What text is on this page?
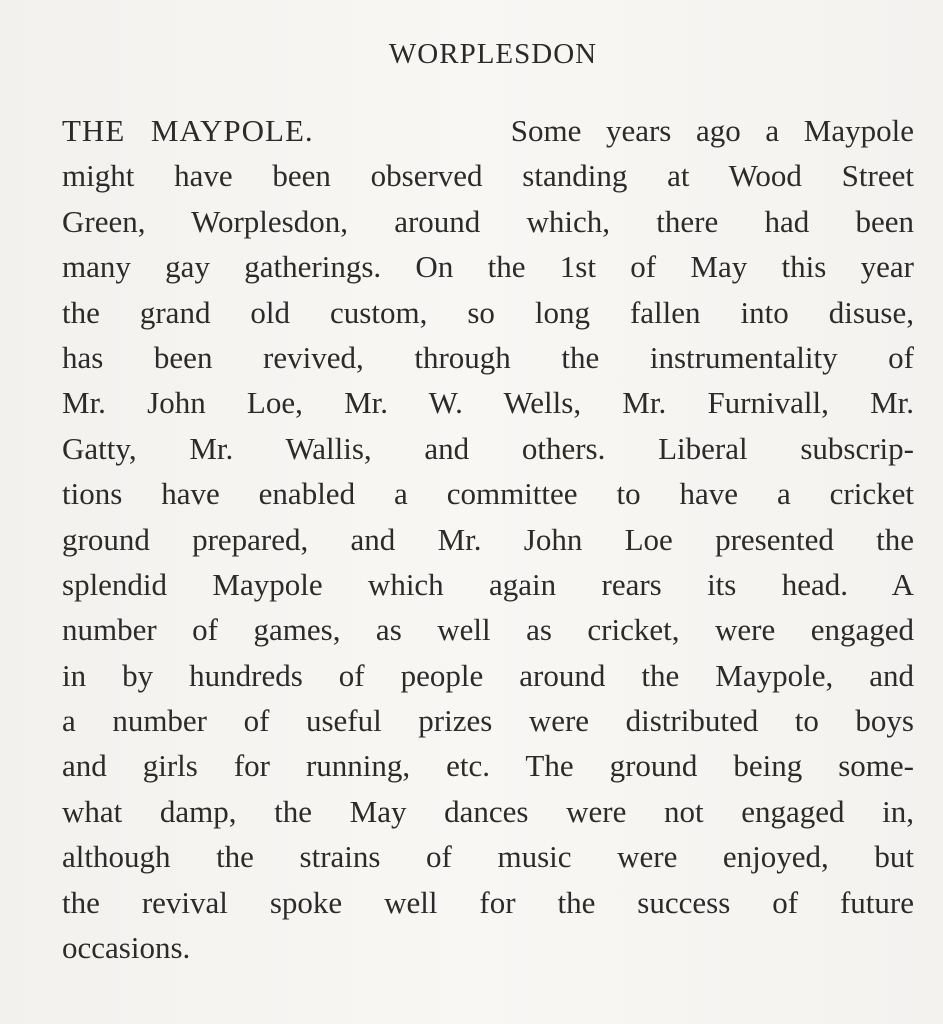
WORPLESDON
THE MAYPOLE.	Some years ago a Maypole
might have been observed standing at Wood Street
Green, Worplesdon, around which, there had been
many gay gatherings. On the 1st of May this year
the grand old custom, so long fallen into disuse,
has been revived, through the instrumentality of
Mr. John Loe, Mr. W. Wells, Mr. Furnivall, Mr.
Gatty, Mr. Wallis, and others. Liberal subscrip-
tions have enabled a committee to have a cricket
ground prepared, and Mr. John Loe presented the
splendid Maypole which again rears its head. A
number of games, as well as cricket, were engaged
in by hundreds of people around the Maypole, and
a number of useful prizes were distributed to boys
and girls for running, etc. The ground being some-
what damp, the May dances were not engaged in,
although the strains of music were enjoyed, but
the revival spoke well for the success of future
occasions.
